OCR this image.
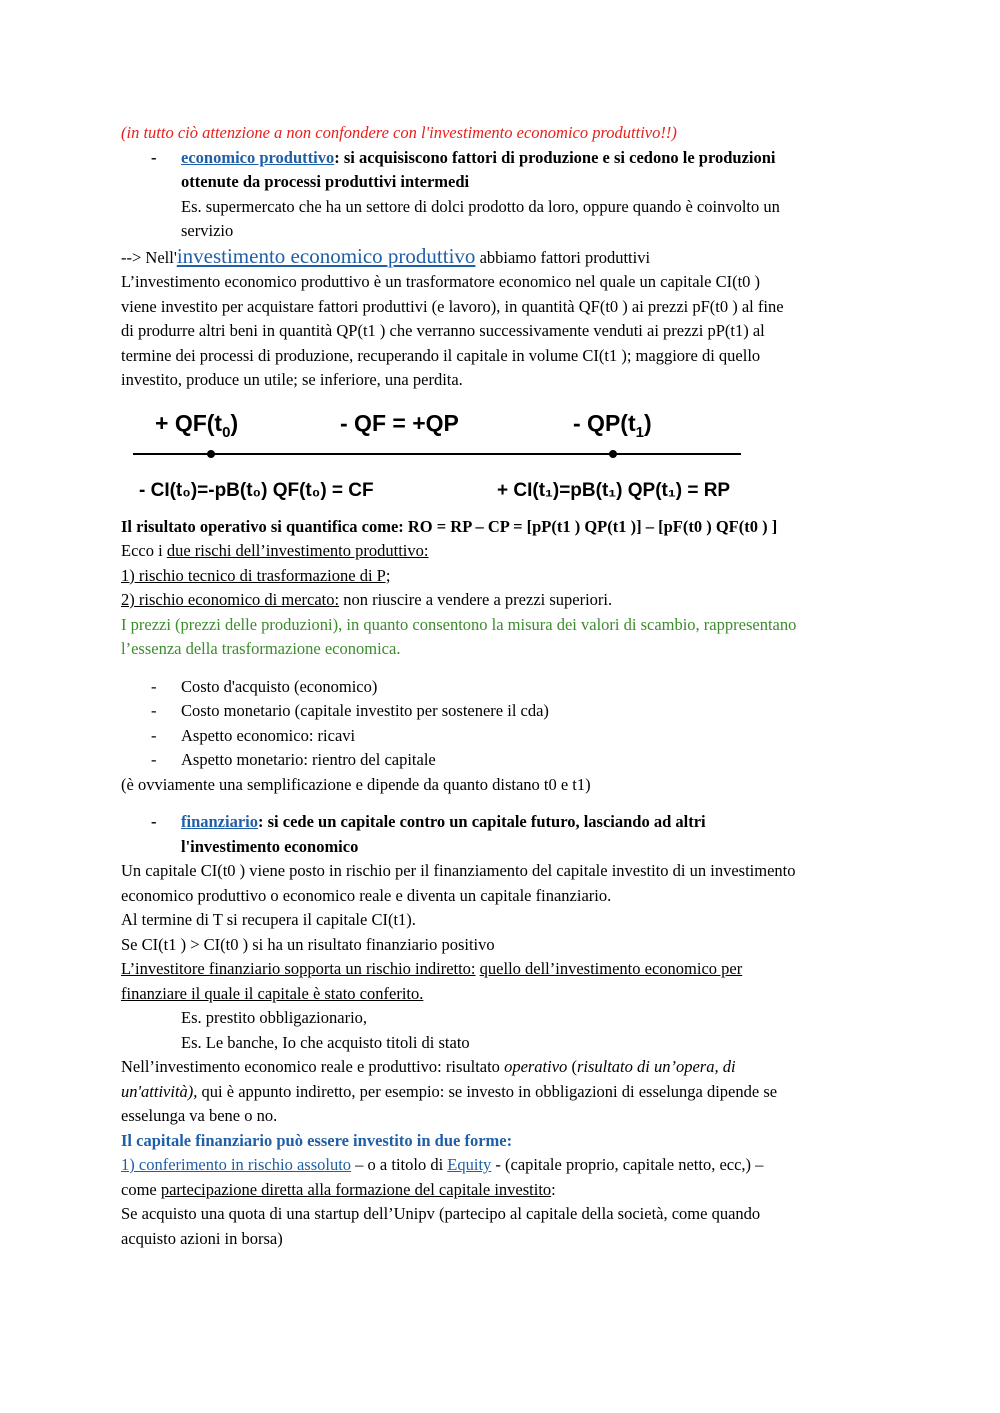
(in tutto ciò attenzione a non confondere con l'investimento economico produttivo!!)
- economico produttivo: si acquisiscono fattori di produzione e si cedono le produzioni
ottenute da processi produttivi intermedi
Es. supermercato che ha un settore di dolci prodotto da loro, oppure quando è coinvolto un
servizio
--> Nell'investimento economico produttivo abbiamo fattori produttivi
L’investimento economico produttivo è un trasformatore economico nel quale un capitale CI(t0 )
viene investito per acquistare fattori produttivi (e lavoro), in quantità QF(t0 ) ai prezzi pF(t0 ) al fine
di produrre altri beni in quantità QP(t1 ) che verranno successivamente venduti ai prezzi pP(t1) al
termine dei processi di produzione, recuperando il capitale in volume CI(t1 ); maggiore di quello
investito, produce un utile; se inferiore, una perdita.
+ $QF(t_0)$	- QF = +QP	- $QP(t_1)$
- CI(t₀)=-pB(t₀) QF(t₀) = CF	+ CI(t₁)=pB(t₁) QP(t₁) = RP
Il risultato operativo si quantifica come: RO = RP – CP = [pP(t1 ) QP(t1 )] – [pF(t0 ) QF(t0 ) ]
Ecco i due rischi dell’investimento produttivo:
1) rischio tecnico di trasformazione di P;
2) rischio economico di mercato: non riuscire a vendere a prezzi superiori.
I prezzi (prezzi delle produzioni), in quanto consentono la misura dei valori di scambio, rappresentano
l’essenza della trasformazione economica.
- Costo d'acquisto (economico)
- Costo monetario (capitale investito per sostenere il cda)
- Aspetto economico: ricavi
- Aspetto monetario: rientro del capitale
(è ovviamente una semplificazione e dipende da quanto distano t0 e t1)
- finanziario: si cede un capitale contro un capitale futuro, lasciando ad altri
l'investimento economico
Un capitale CI(t0 ) viene posto in rischio per il finanziamento del capitale investito di un investimento
economico produttivo o economico reale e diventa un capitale finanziario.
Al termine di T si recupera il capitale CI(t1).
Se CI(t1 ) > CI(t0 ) si ha un risultato finanziario positivo
L’investitore finanziario sopporta un rischio indiretto: quello dell’investimento economico per
finanziare il quale il capitale è stato conferito.
Es. prestito obbligazionario,
Es. Le banche, Io che acquisto titoli di stato
Nell’investimento economico reale e produttivo: risultato operativo (risultato di un’opera, di
un'attività), qui è appunto indiretto, per esempio: se investo in obbligazioni di esselunga dipende se
esselunga va bene o no.
Il capitale finanziario può essere investito in due forme:
1) conferimento in rischio assoluto – o a titolo di Equity - (capitale proprio, capitale netto, ecc,) –
come partecipazione diretta alla formazione del capitale investito:
Se acquisto una quota di una startup dell’Unipv (partecipo al capitale della società, come quando
acquisto azioni in borsa)
